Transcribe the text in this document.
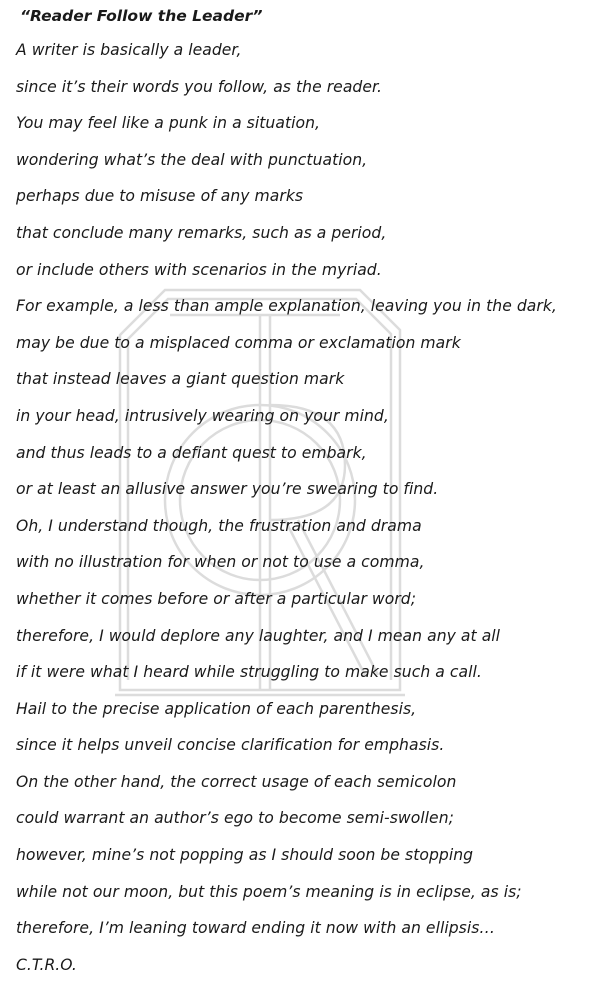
“Reader Follow the Leader”
A writer is basically a leader,
since it’s their words you follow, as the reader.
You may feel like a punk in a situation,
wondering what’s the deal with punctuation,
perhaps due to misuse of any marks
that conclude many remarks, such as a period,
or include others with scenarios in the myriad.
For example, a less than ample explanation, leaving you in the dark,
may be due to a misplaced comma or exclamation mark
that instead leaves a giant question mark
in your head, intrusively wearing on your mind,
and thus leads to a defiant quest to embark,
or at least an allusive answer you’re swearing to find.
Oh, I understand though, the frustration and drama
with no illustration for when or not to use a comma,
whether it comes before or after a particular word;
therefore, I would deplore any laughter, and I mean any at all
if it were what I heard while struggling to make such a call.
Hail to the precise application of each parenthesis,
since it helps unveil concise clarification for emphasis.
On the other hand, the correct usage of each semicolon
could warrant an author’s ego to become semi-swollen;
however, mine’s not popping as I should soon be stopping
while not our moon, but this poem’s meaning is in eclipse, as is;
therefore, I’m leaning toward ending it now with an ellipsis…
C.T.R.O.
